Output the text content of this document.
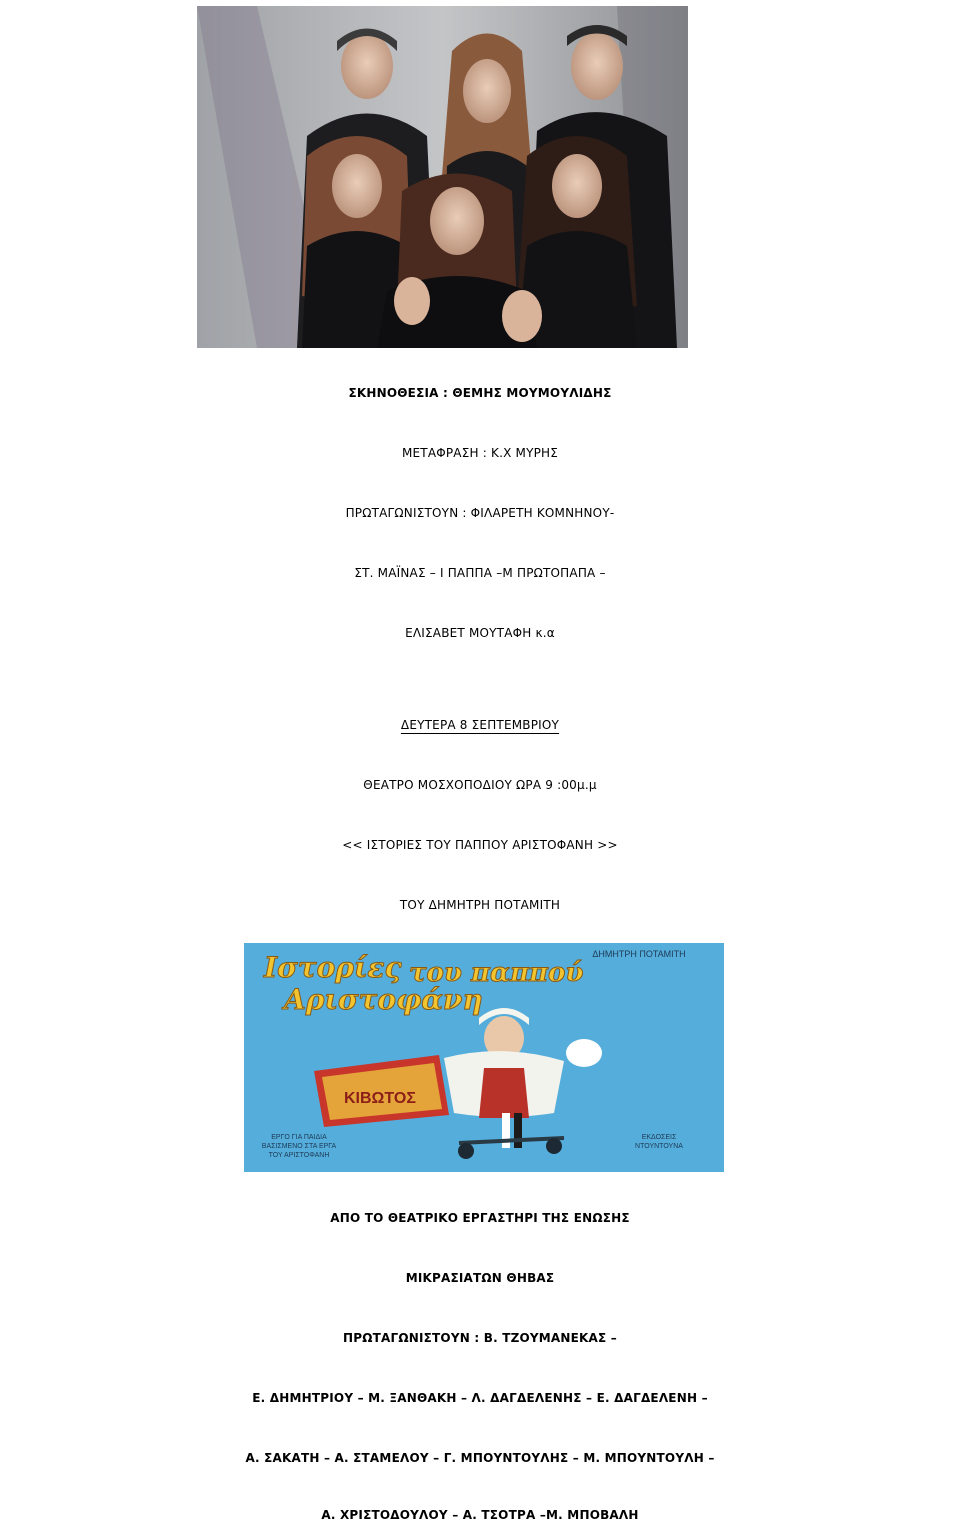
ΣΚΗΝΟΘΕΣΙΑ : ΘΕΜΗΣ ΜΟΥΜΟΥΛΙΔΗΣ
ΜΕΤΑΦΡΑΣΗ : Κ.Χ ΜΥΡΗΣ
ΠΡΩΤΑΓΩΝΙΣΤΟΥΝ : ΦΙΛΑΡΕΤΗ ΚΟΜΝΗΝΟΥ-
ΣΤ. ΜΑΪΝΑΣ – Ι ΠΑΠΠΑ –Μ ΠΡΩΤΟΠΑΠΑ –
ΕΛΙΣΑΒΕΤ ΜΟΥΤΑΦΗ κ.α
ΔΕΥΤΕΡΑ 8 ΣΕΠΤΕΜΒΡΙΟΥ
ΘΕΑΤΡΟ ΜΟΣΧΟΠΟΔΙΟΥ ΩΡΑ 9 :00μ.μ
<< ΙΣΤΟΡΙΕΣ ΤΟΥ ΠΑΠΠΟΥ ΑΡΙΣΤΟΦΑΝΗ >>
ΤΟΥ ΔΗΜΗΤΡΗ ΠΟΤΑΜΙΤΗ
ΔΗΜΗΤΡΗ ΠΟΤΑΜΙΤΗ
Ιστορίες του παππού
Αριστοφάνη
ΚΙΒΩΤΟΣ
ΕΡΓΟ ΓΙΑ ΠΑΙΔΙΑ
ΒΑΣΙΣΜΕΝΟ ΣΤΑ ΕΡΓΑ
ΤΟΥ ΑΡΙΣΤΟΦΑΝΗ
ΕΚΔΟΣΕΙΣ
ΝΤΟΥΝΤΟΥΝΑ
ΑΠΟ ΤΟ ΘΕΑΤΡΙΚΟ ΕΡΓΑΣΤΗΡΙ ΤΗΣ ΕΝΩΣΗΣ
ΜΙΚΡΑΣΙΑΤΩΝ ΘΗΒΑΣ
ΠΡΩΤΑΓΩΝΙΣΤΟΥΝ : Β. ΤΖΟΥΜΑΝΕΚΑΣ –
Ε. ΔΗΜΗΤΡΙΟΥ – Μ. ΞΑΝΘΑΚΗ – Λ. ΔΑΓΔΕΛΕΝΗΣ – Ε. ΔΑΓΔΕΛΕΝΗ –
Α. ΣΑΚΑΤΗ – Α. ΣΤΑΜΕΛΟΥ – Γ. ΜΠΟΥΝΤΟΥΛΗΣ – Μ. ΜΠΟΥΝΤΟΥΛΗ –
Α. ΧΡΙΣΤΟΔΟΥΛΟΥ – Α. ΤΣΟΤΡΑ –Μ. ΜΠΟΒΑΛΗ
